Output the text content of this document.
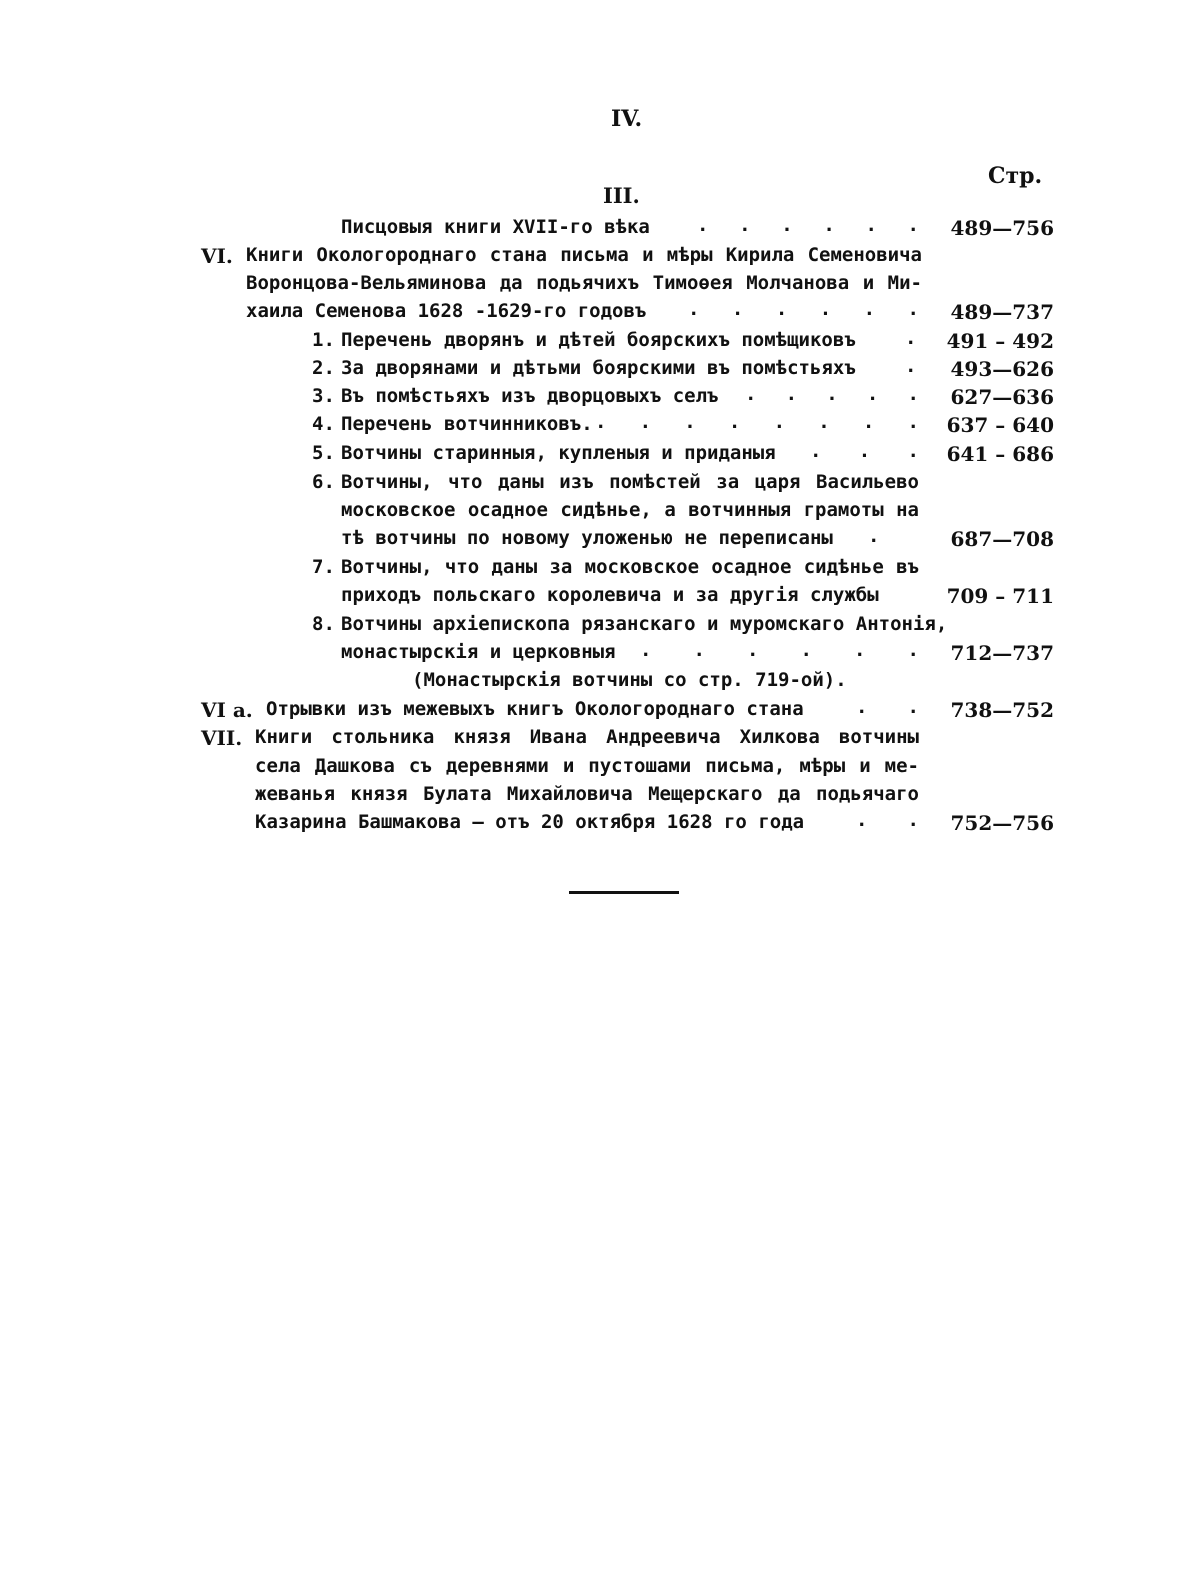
IV.
Стр.
III.
Писцовыя книги XVII-го вѣка . . . . . . 489—756
VI. Книги Окологороднаго стана письма и мѣры Кирила Семеновича
Воронцова-Вельяминова да подьячихъ Тимоѳея Молчанова и Ми-
хаила Семенова 1628 -1629-го годовъ . . . . . . 489—737
1. Перечень дворянъ и дѣтей боярскихъ помѣщиковъ	. 491 – 492
2. За дворянами и дѣтьми боярскими въ помѣстьяхъ	. 493—626
3. Въ помѣстьяхъ изъ дворцовыхъ селъ . . . . . 627—636
4. Перечень вотчинниковъ. . . . . . . . . 637 – 640
5. Вотчины старинныя, купленыя и приданыя . . . 641 – 686
6. Вотчины, что даны изъ помѣстей за царя Васильево
московское осадное сидѣнье, а вотчинныя грамоты на
тѣ вотчины по новому уложенью не переписаны .	687—708
7. Вотчины, что даны за московское осадное сидѣнье въ
приходъ польскаго королевича и за другія службы	709 – 711
8. Вотчины архіепископа рязанскаго и муромскаго Антонія,
монастырскія и церковныя . . . . . . 712—737
(Монастырскія вотчины со стр. 719-ой).
VI а. Отрывки изъ межевыхъ книгъ Окологороднаго стана	. . 738—752
VII. Книги стольника князя Ивана Андреевича Хилкова вотчины
села Дашкова съ деревнями и пустошами письма, мѣры и ме-
жеванья князя Булата Михайловича Мещерскаго да подьячаго
Казарина Башмакова — отъ 20 октября 1628 го года	. . 752—756
